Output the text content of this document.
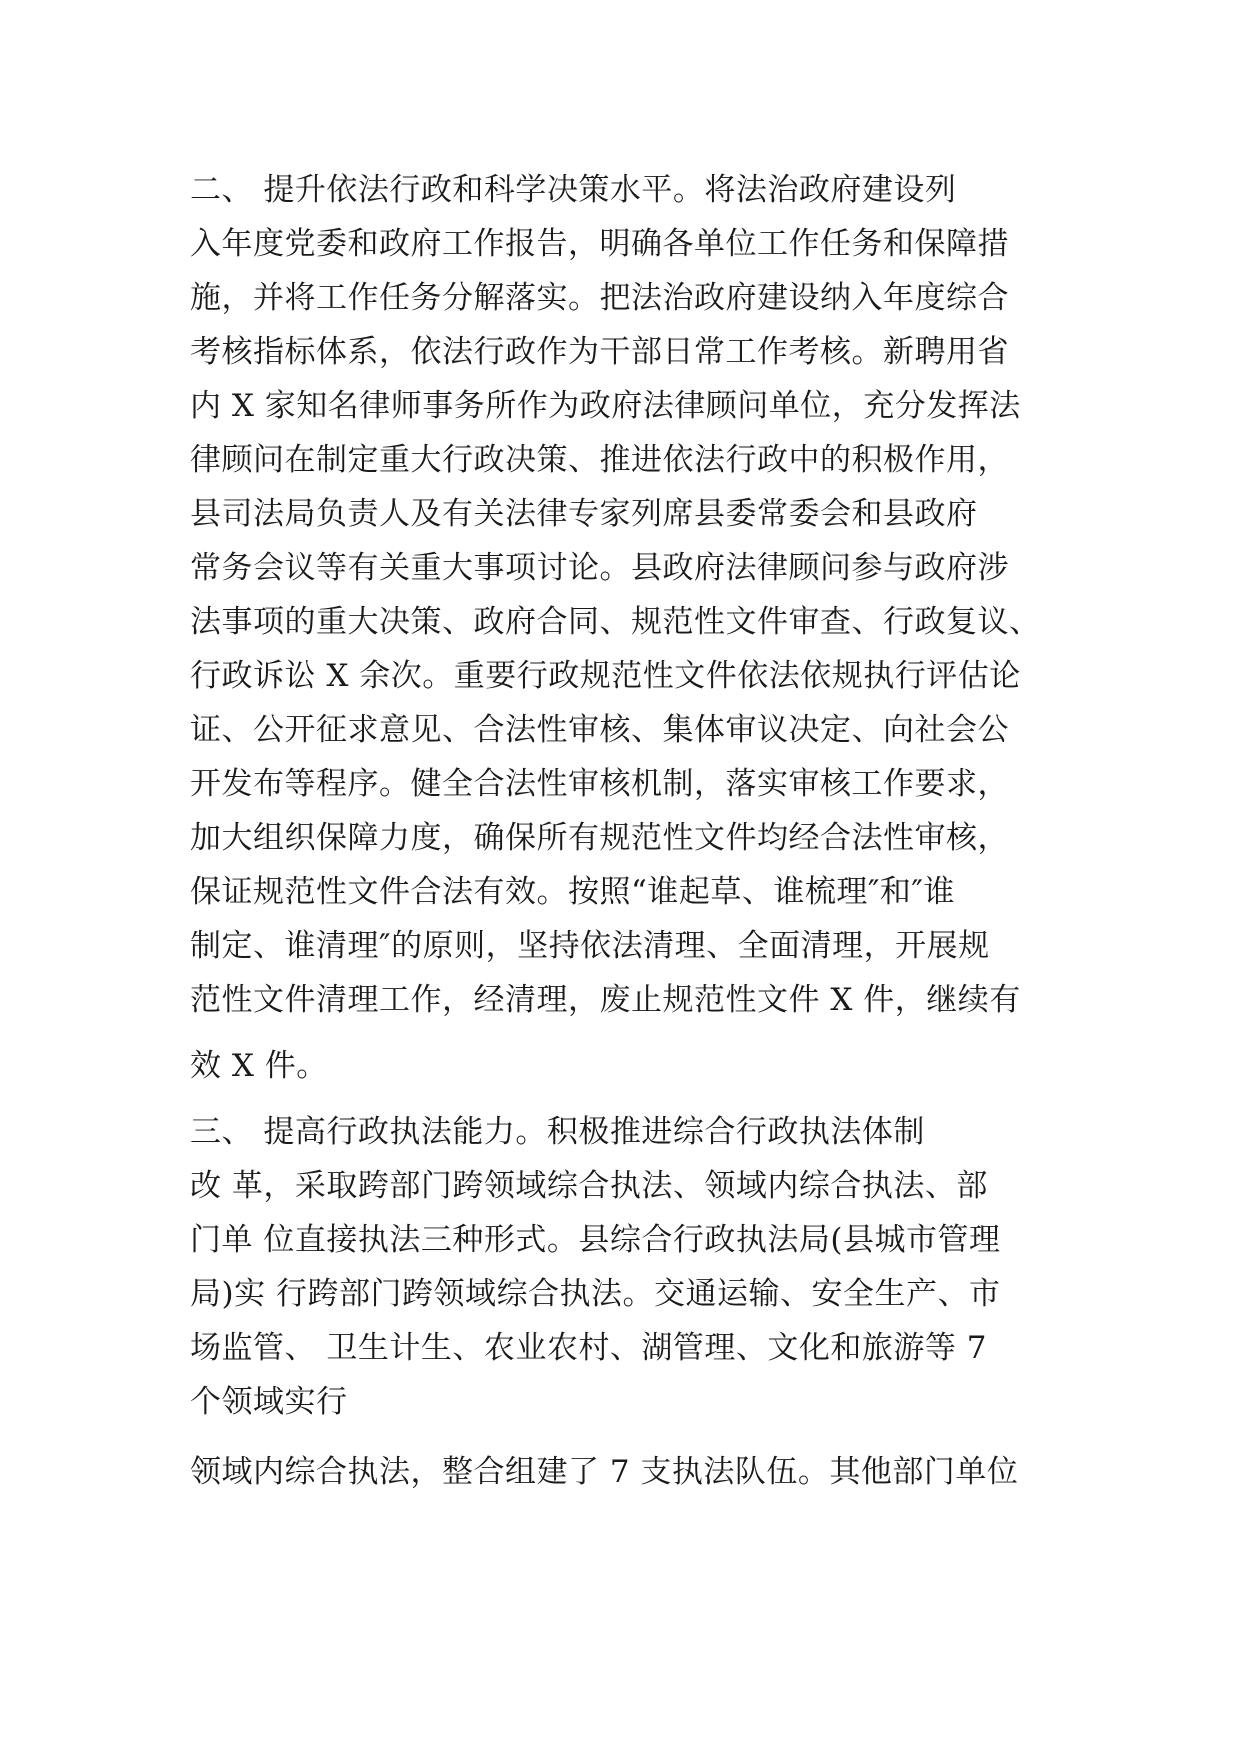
二、 提升依法行政和科学决策水平。将法治政府建设列
入年度党委和政府工作报告，明确各单位工作任务和保障措
施，并将工作任务分解落实。把法治政府建设纳入年度综合
考核指标体系，依法行政作为干部日常工作考核。新聘用省
内 X 家知名律师事务所作为政府法律顾问单位，充分发挥法
律顾问在制定重大行政决策、推进依法行政中的积极作用，
县司法局负责人及有关法律专家列席县委常委会和县政府
常务会议等有关重大事项讨论。县政府法律顾问参与政府涉
法事项的重大决策、政府合同、规范性文件审查、行政复议、
行政诉讼 X 余次。重要行政规范性文件依法依规执行评估论
证、公开征求意见、合法性审核、集体审议决定、向社会公
开发布等程序。健全合法性审核机制，落实审核工作要求，
加大组织保障力度，确保所有规范性文件均经合法性审核，
保证规范性文件合法有效。按照“谁起草、谁梳理″和″谁
制定、谁清理″的原则，坚持依法清理、全面清理，开展规
范性文件清理工作，经清理，废止规范性文件 X 件，继续有
效 X 件。
三、 提高行政执法能力。积极推进综合行政执法体制
改 革，采取跨部门跨领域综合执法、领域内综合执法、部
门单 位直接执法三种形式。县综合行政执法局(县城市管理
局)实 行跨部门跨领域综合执法。交通运输、安全生产、市
场监管、 卫生计生、农业农村、湖管理、文化和旅游等 7
个领域实行
领域内综合执法，整合组建了 7 支执法队伍。其他部门单位
